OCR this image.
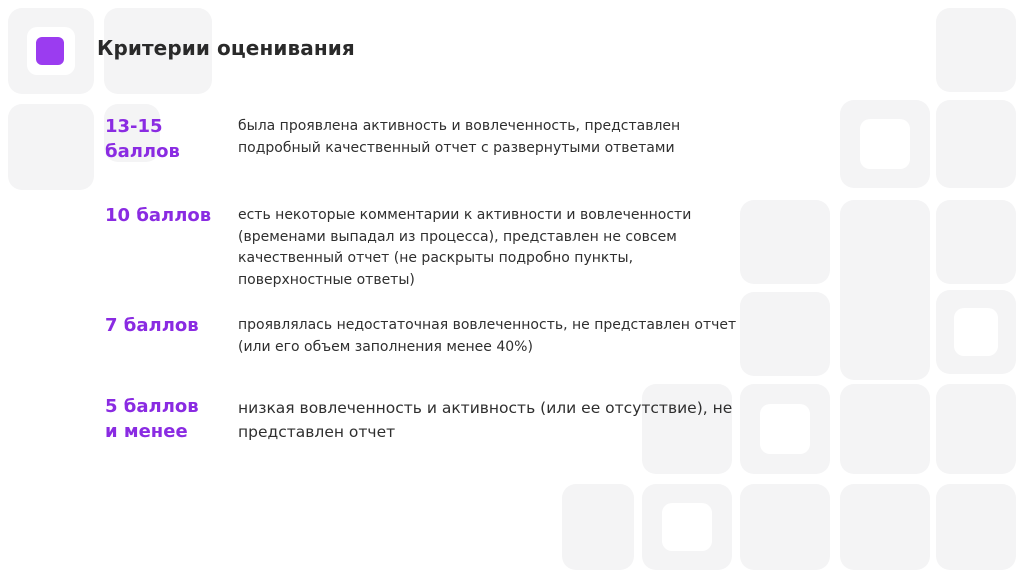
Критерии оценивания
13-15 баллов
была проявлена активность и вовлеченность, представлен подробный качественный отчет с развернутыми ответами
10 баллов	есть некоторые комментарии к активности и вовлеченности (временами выпадал из процесса), представлен не совсем качественный отчет (не раскрыты подробно пункты, поверхностные ответы)
7 баллов	проявлялась недостаточная вовлеченность, не представлен отчет (или его объем заполнения менее 40%)
5 баллов и менее
низкая вовлеченность и активность (или ее отсутствие), не представлен отчет
